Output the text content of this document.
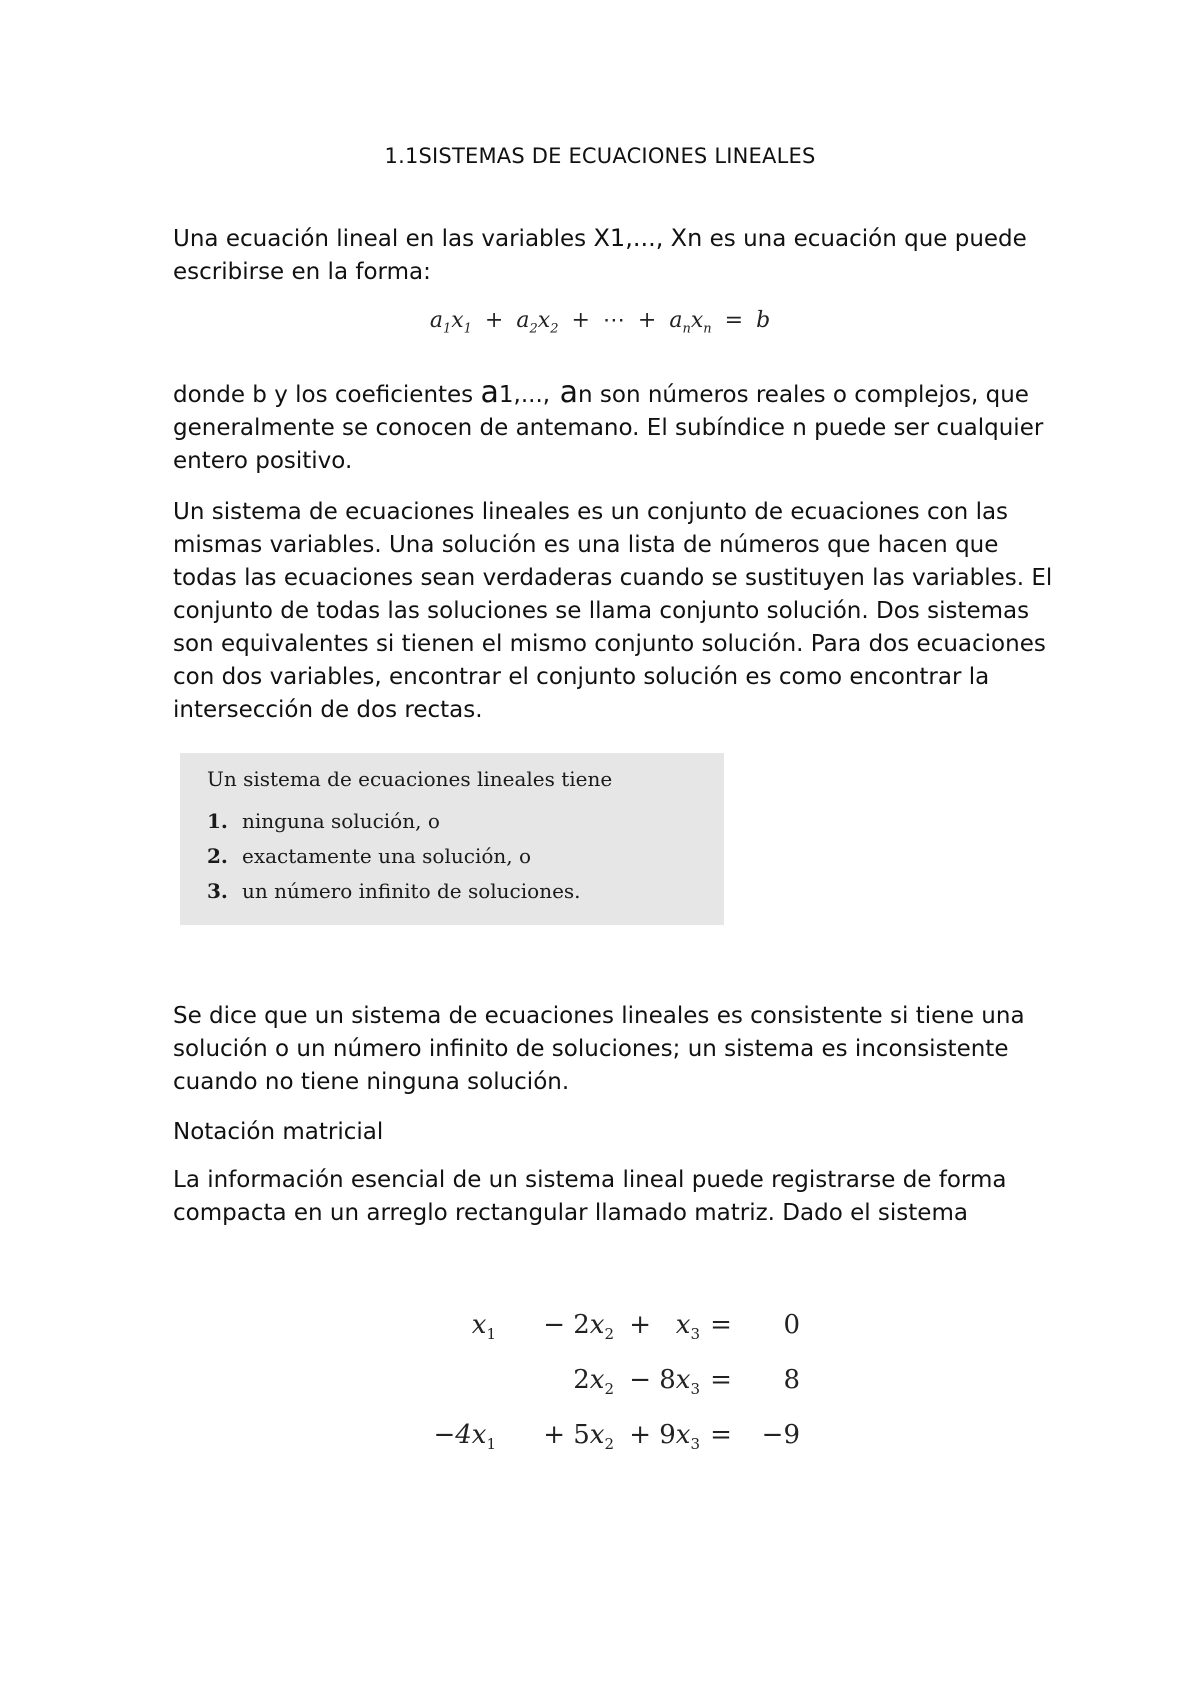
1.1SISTEMAS DE ECUACIONES LINEALES

Una ecuación lineal en las variables X1,..., Xn es una ecuación que puede escribirse en la forma:

$a_1x_1 + a_2x_2$ + ⋯ + $a_nx_n = b$

donde b y los coeficientes a1,..., an son números reales o complejos, que generalmente se conocen de antemano. El subíndice n puede ser cualquier entero positivo.

Un sistema de ecuaciones lineales es un conjunto de ecuaciones con las mismas variables. Una solución es una lista de números que hacen que todas las ecuaciones sean verdaderas cuando se sustituyen las variables. El conjunto de todas las soluciones se llama conjunto solución. Dos sistemas son equivalentes si tienen el mismo conjunto solución. Para dos ecuaciones con dos variables, encontrar el conjunto solución es como encontrar la intersección de dos rectas.

Un sistema de ecuaciones lineales tiene
1. ninguna solución, o
2. exactamente una solución, o
3. un número infinito de soluciones.

Se dice que un sistema de ecuaciones lineales es consistente si tiene una solución o un número infinito de soluciones; un sistema es inconsistente cuando no tiene ninguna solución.

Notación matricial

La información esencial de un sistema lineal puede registrarse de forma compacta en un arreglo rectangular llamado matriz. Dado el sistema

$x_1- 2x_2 + x_3 = 0$
$2x_2- 8x_3 = 8$
$-4x_1+ 5x_2+ 9x_3 = -9$
